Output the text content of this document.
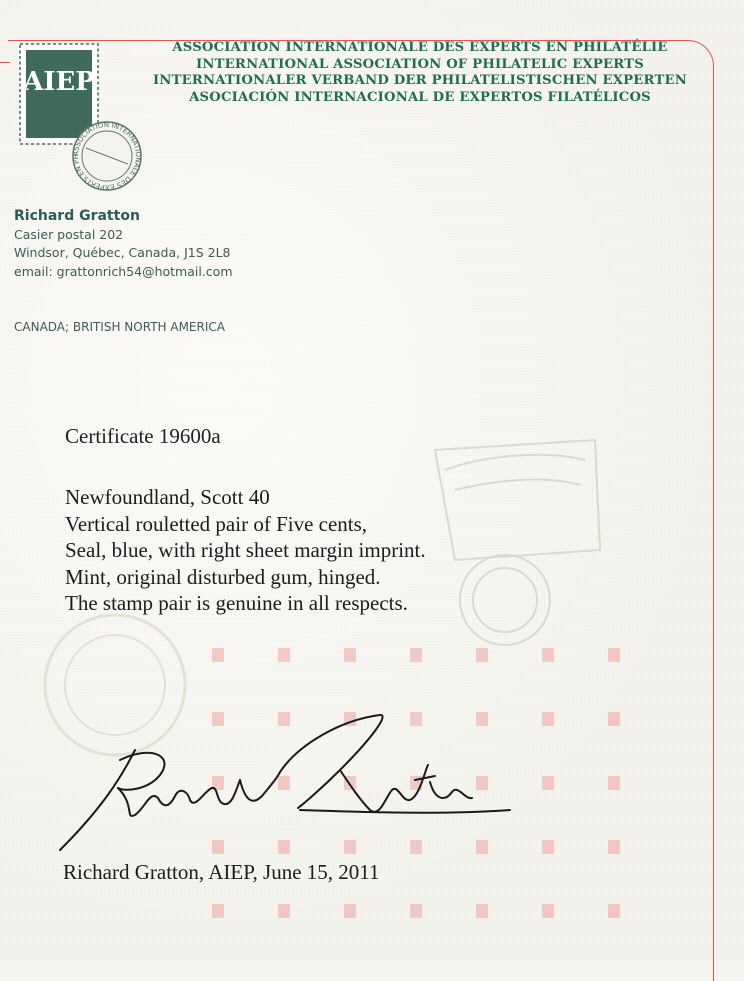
AIEP
ASSOCIATION INTERNATIONALE DES EXPERTS EN PH
ASSOCIATION INTERNATIONALE DES EXPERTS EN PHILATÉLIE
INTERNATIONAL ASSOCIATION OF PHILATELIC EXPERTS
INTERNATIONALER VERBAND DER PHILATELISTISCHEN EXPERTEN
ASOCIACIÓN INTERNACIONAL DE EXPERTOS FILATÉLICOS
Richard Gratton
Casier postal 202
Windsor, Québec, Canada, J1S 2L8
email: grattonrich54@hotmail.com
CANADA; BRITISH NORTH AMERICA
Certificate 19600a
Newfoundland, Scott 40
Vertical rouletted pair of Five cents,
Seal, blue, with right sheet margin imprint.
Mint, original disturbed gum, hinged.
The stamp pair is genuine in all respects.
Richard Gratton, AIEP, June 15, 2011
